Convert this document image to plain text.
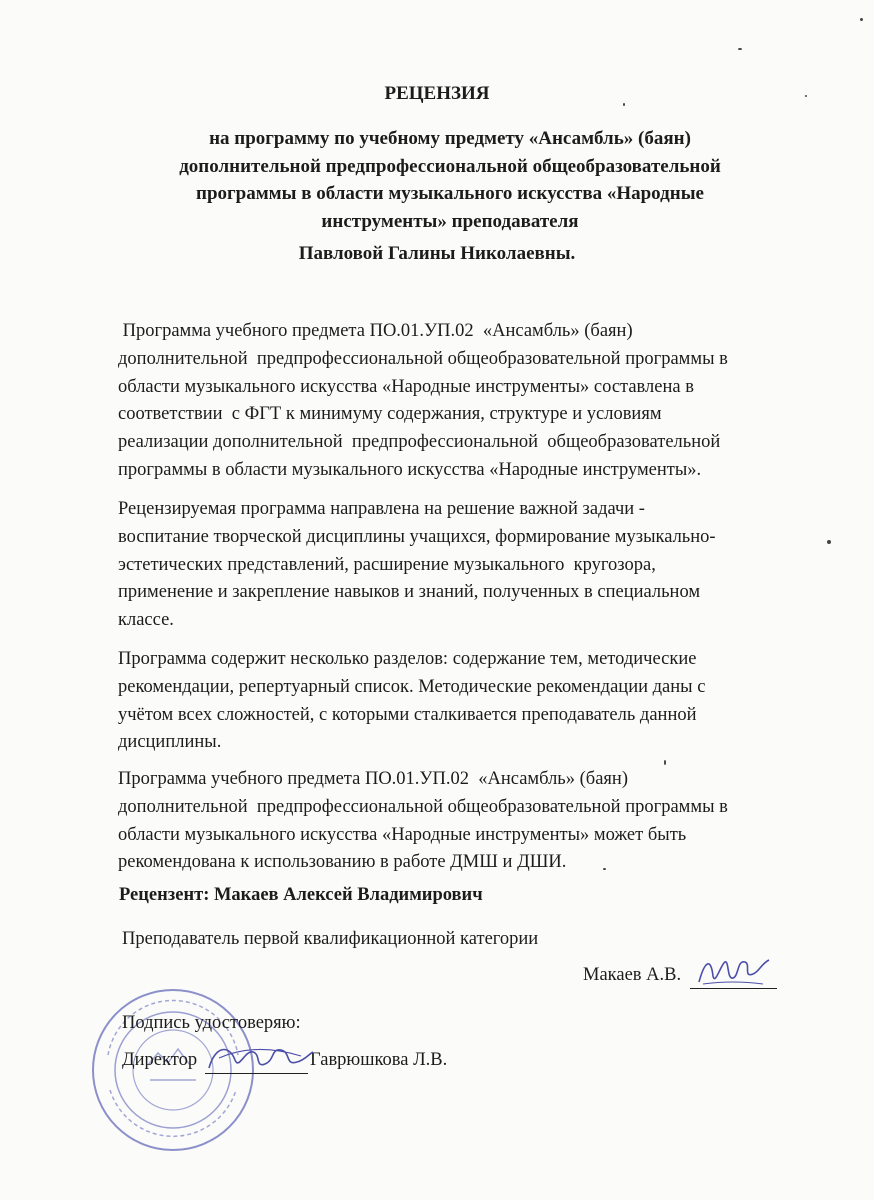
РЕЦЕНЗИЯ
на программу по учебному предмету «Ансамбль» (баян)
дополнительной предпрофессиональной общеобразовательной
программы в области музыкального искусства «Народные
инструменты» преподавателя
Павловой Галины Николаевны.
Программа учебного предмета ПО.01.УП.02  «Ансамбль» (баян)
дополнительной  предпрофессиональной общеобразовательной программы в
области музыкального искусства «Народные инструменты» составлена в
соответствии  с ФГТ к минимуму содержания, структуре и условиям
реализации дополнительной  предпрофессиональной  общеобразовательной
программы в области музыкального искусства «Народные инструменты».
Рецензируемая программа направлена на решение важной задачи -
воспитание творческой дисциплины учащихся, формирование музыкально-
эстетических представлений, расширение музыкального  кругозора,
применение и закрепление навыков и знаний, полученных в специальном
классе.
Программа содержит несколько разделов: содержание тем, методические
рекомендации, репертуарный список. Методические рекомендации даны с
учётом всех сложностей, с которыми сталкивается преподаватель данной
дисциплины.
Программа учебного предмета ПО.01.УП.02  «Ансамбль» (баян)
дополнительной  предпрофессиональной общеобразовательной программы в
области музыкального искусства «Народные инструменты» может быть
рекомендована к использованию в работе ДМШ и ДШИ.
Рецензент: Макаев Алексей Владимирович
Преподаватель первой квалификационной категории
Макаев А.В.
Подпись удостоверяю:
Директор	Гаврюшкова Л.В.
